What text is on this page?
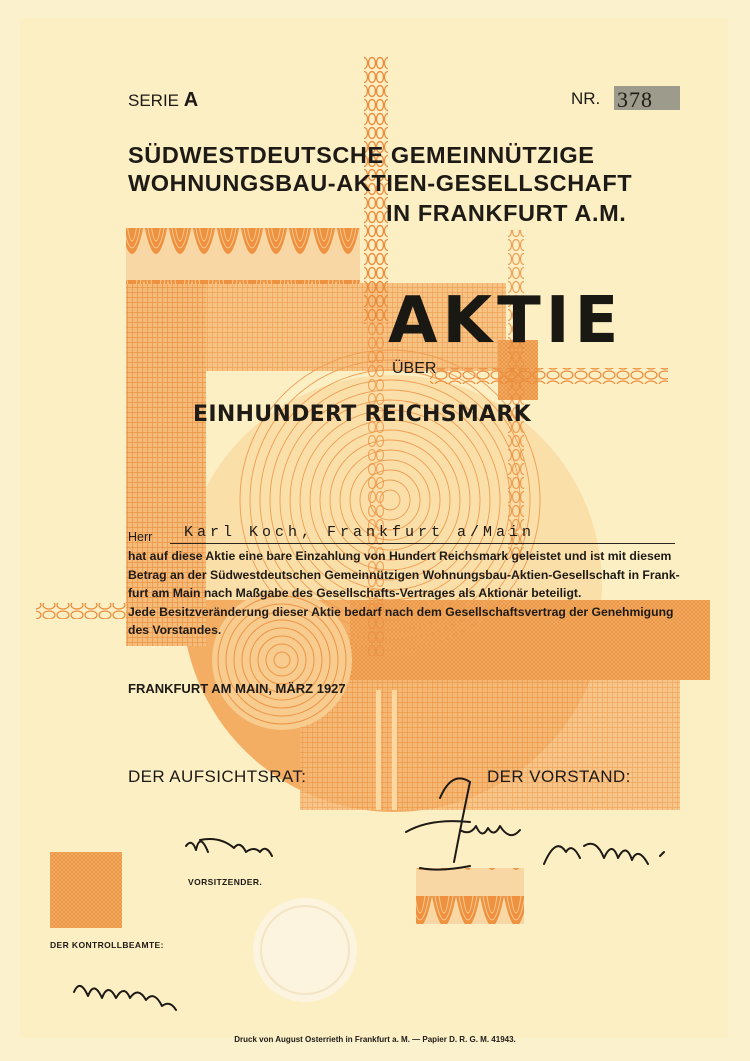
SERIE A	NR. 378
SÜDWESTDEUTSCHE GEMEINNÜTZIGE
WOHNUNGSBAU-AKTIEN-GESELLSCHAFT
IN FRANKFURT A.M.
AKTIE
ÜBER
EINHUNDERT REICHSMARK
Herr Karl Koch, Frankfurt a/Main
hat auf diese Aktie eine bare Einzahlung von Hundert Reichsmark geleistet und ist mit diesem
Betrag an der Südwestdeutschen Gemeinnützigen Wohnungsbau-Aktien-Gesellschaft in Frank-
furt am Main nach Maßgabe des Gesellschafts-Vertrages als Aktionär beteiligt.
Jede Besitzveränderung dieser Aktie bedarf nach dem Gesellschaftsvertrag der Genehmigung
des Vorstandes.
FRANKFURT AM MAIN, MÄRZ 1927
DER AUFSICHTSRAT:	DER VORSTAND:
VORSITZENDER.
DER KONTROLLBEAMTE:
Druck von August Osterrieth in Frankfurt a. M. — Papier D. R. G. M. 41943.
